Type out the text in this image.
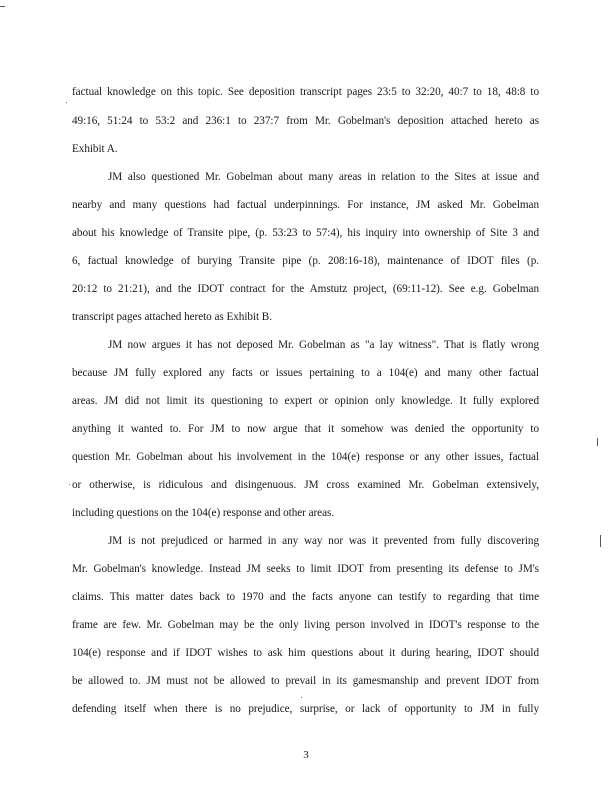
factual knowledge on this topic. See deposition transcript pages 23:5 to 32:20, 40:7 to 18, 48:8 to
49:16, 51:24 to 53:2 and 236:1 to 237:7 from Mr. Gobelman's deposition attached hereto as
Exhibit A.
JM also questioned Mr. Gobelman about many areas in relation to the Sites at issue and
nearby and many questions had factual underpinnings. For instance, JM asked Mr. Gobelman
about his knowledge of Transite pipe, (p. 53:23 to 57:4), his inquiry into ownership of Site 3 and
6, factual knowledge of burying Transite pipe (p. 208:16-18), maintenance of IDOT files (p.
20:12 to 21:21), and the IDOT contract for the Amstutz project, (69:11-12). See e.g. Gobelman
transcript pages attached hereto as Exhibit B.
JM now argues it has not deposed Mr. Gobelman as "a lay witness". That is flatly wrong
because JM fully explored any facts or issues pertaining to a 104(e) and many other factual
areas. JM did not limit its questioning to expert or opinion only knowledge. It fully explored
anything it wanted to. For JM to now argue that it somehow was denied the opportunity to
question Mr. Gobelman about his involvement in the 104(e) response or any other issues, factual
or otherwise, is ridiculous and disingenuous. JM cross examined Mr. Gobelman extensively,
including questions on the 104(e) response and other areas.
JM is not prejudiced or harmed in any way nor was it prevented from fully discovering
Mr. Gobelman's knowledge. Instead JM seeks to limit IDOT from presenting its defense to JM's
claims. This matter dates back to 1970 and the facts anyone can testify to regarding that time
frame are few. Mr. Gobelman may be the only living person involved in IDOT's response to the
104(e) response and if IDOT wishes to ask him questions about it during hearing, IDOT should
be allowed to. JM must not be allowed to prevail in its gamesmanship and prevent IDOT from
defending itself when there is no prejudice, surprise, or lack of opportunity to JM in fully
3
